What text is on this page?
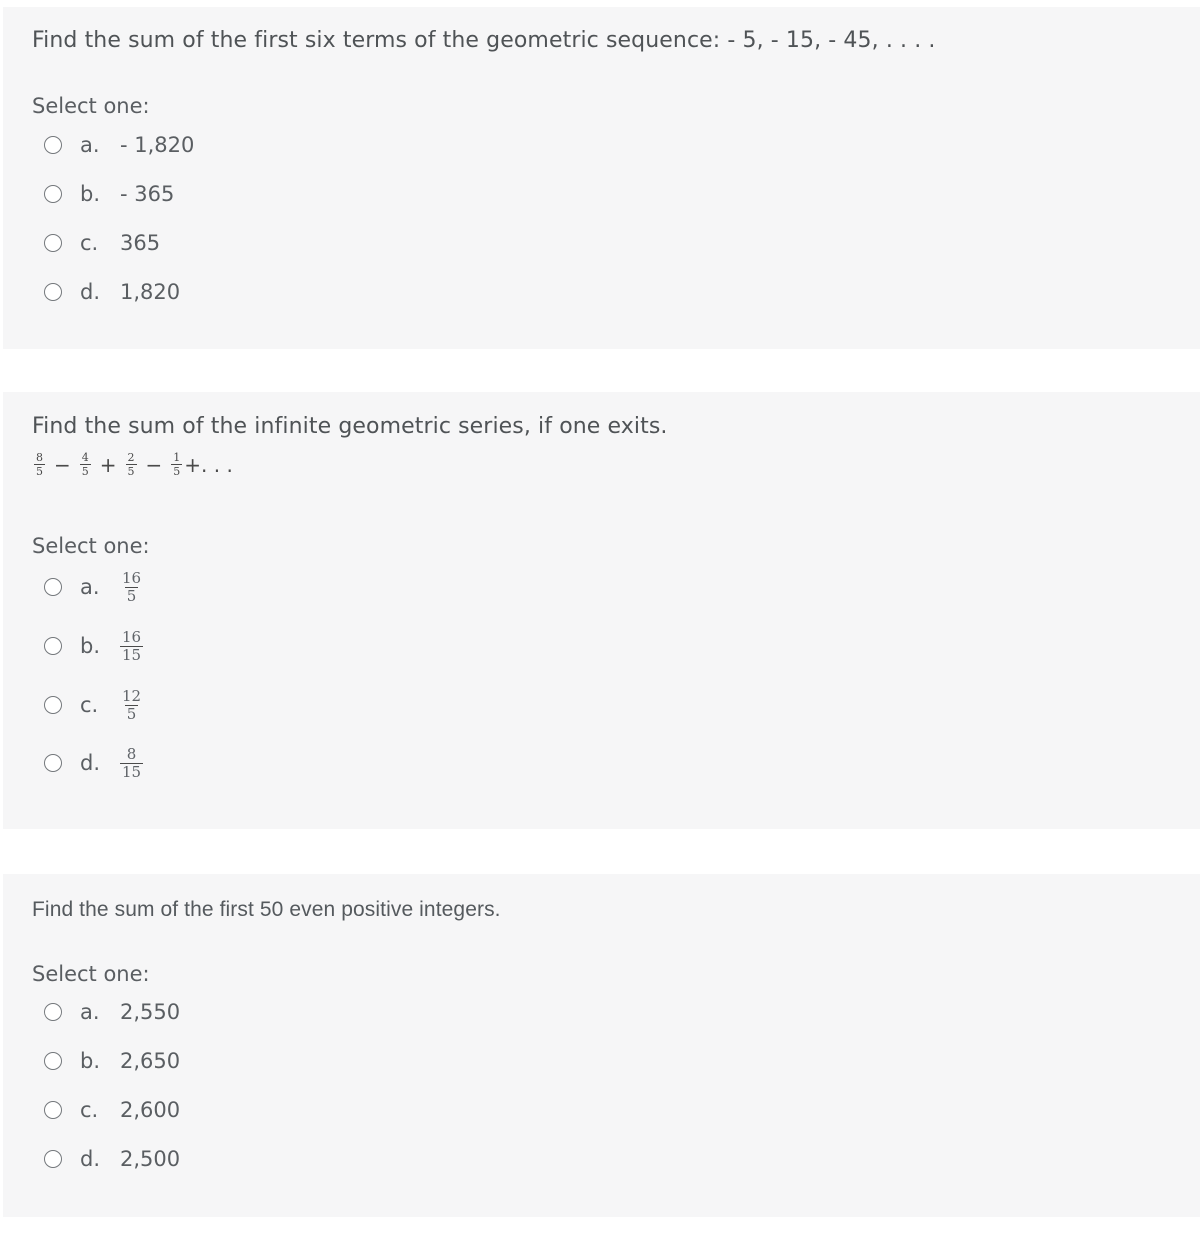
Find the sum of the first six terms of the geometric sequence: - 5, - 15, - 45, . . . .
Select one:
a. - 1,820
b. - 365
c.	365
d. 1,820
Find the sum of the infinite geometric series, if one exits.
$\frac{8}{5} - \frac{4}{5} + \frac{2}{5} - \frac{1}{5}$ +. . .
Select one:
a.	$\frac{16}{5}$
b.	$\frac{16}{15}$
c.	$\frac{12}{5}$
d.	$\frac{8}{15}$
Find the sum of the first 50 even positive integers.
Select one:
a. 2,550
b. 2,650
c.	2,600
d. 2,500
